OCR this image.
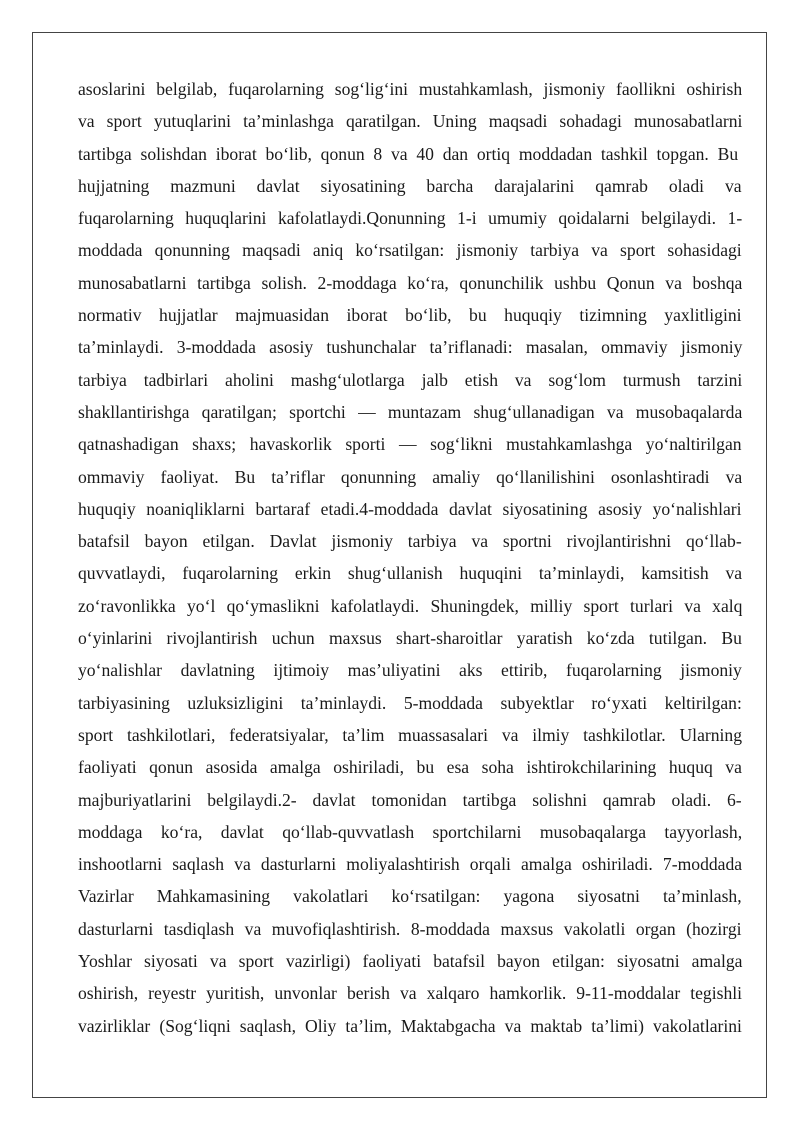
asoslarini belgilab, fuqarolarning sog‘lig‘ini mustahkamlash, jismoniy faollikni oshirish
va sport yutuqlarini ta’minlashga qaratilgan. Uning maqsadi sohadagi munosabatlarni
tartibga solishdan iborat bo‘lib, qonun 8 va 40 dan ortiq moddadan tashkil topgan. Bu
hujjatning mazmuni davlat siyosatining barcha darajalarini qamrab oladi va
fuqarolarning huquqlarini kafolatlaydi.Qonunning 1-i umumiy qoidalarni belgilaydi. 1-
moddada qonunning maqsadi aniq ko‘rsatilgan: jismoniy tarbiya va sport sohasidagi
munosabatlarni tartibga solish. 2-moddaga ko‘ra, qonunchilik ushbu Qonun va boshqa
normativ hujjatlar majmuasidan iborat bo‘lib, bu huquqiy tizimning yaxlitligini
ta’minlaydi. 3-moddada asosiy tushunchalar ta’riflanadi: masalan, ommaviy jismoniy
tarbiya tadbirlari aholini mashg‘ulotlarga jalb etish va sog‘lom turmush tarzini
shakllantirishga qaratilgan; sportchi — muntazam shug‘ullanadigan va musobaqalarda
qatnashadigan shaxs; havaskorlik sporti — sog‘likni mustahkamlashga yo‘naltirilgan
ommaviy faoliyat. Bu ta’riflar qonunning amaliy qo‘llanilishini osonlashtiradi va
huquqiy noaniqliklarni bartaraf etadi.4-moddada davlat siyosatining asosiy yo‘nalishlari
batafsil bayon etilgan. Davlat jismoniy tarbiya va sportni rivojlantirishni qo‘llab-
quvvatlaydi, fuqarolarning erkin shug‘ullanish huquqini ta’minlaydi, kamsitish va
zo‘ravonlikka yo‘l qo‘ymaslikni kafolatlaydi. Shuningdek, milliy sport turlari va xalq
o‘yinlarini rivojlantirish uchun maxsus shart-sharoitlar yaratish ko‘zda tutilgan. Bu
yo‘nalishlar davlatning ijtimoiy mas’uliyatini aks ettirib, fuqarolarning jismoniy
tarbiyasining uzluksizligini ta’minlaydi. 5-moddada subyektlar ro‘yxati keltirilgan:
sport tashkilotlari, federatsiyalar, ta’lim muassasalari va ilmiy tashkilotlar. Ularning
faoliyati qonun asosida amalga oshiriladi, bu esa soha ishtirokchilarining huquq va
majburiyatlarini belgilaydi.2- davlat tomonidan tartibga solishni qamrab oladi. 6-
moddaga ko‘ra, davlat qo‘llab-quvvatlash sportchilarni musobaqalarga tayyorlash,
inshootlarni saqlash va dasturlarni moliyalashtirish orqali amalga oshiriladi. 7-moddada
Vazirlar Mahkamasining vakolatlari ko‘rsatilgan: yagona siyosatni ta’minlash,
dasturlarni tasdiqlash va muvofiqlashtirish. 8-moddada maxsus vakolatli organ (hozirgi
Yoshlar siyosati va sport vazirligi) faoliyati batafsil bayon etilgan: siyosatni amalga
oshirish, reyestr yuritish, unvonlar berish va xalqaro hamkorlik. 9-11-moddalar tegishli
vazirliklar (Sog‘liqni saqlash, Oliy ta’lim, Maktabgacha va maktab ta’limi) vakolatlarini
